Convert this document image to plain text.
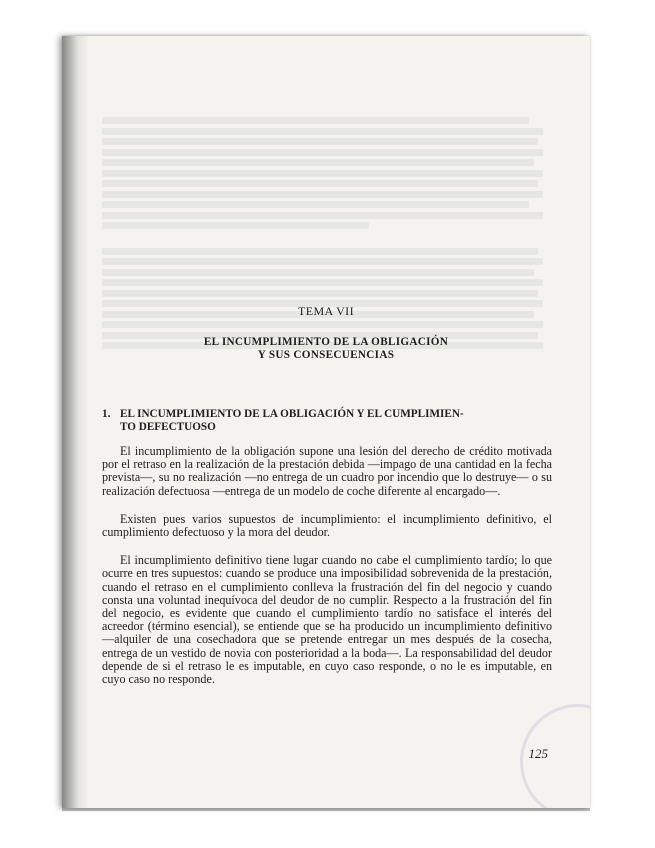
TEMA VII

EL INCUMPLIMIENTO DE LA OBLIGACIÓN
Y SUS CONSECUENCIAS
1. EL INCUMPLIMIENTO DE LA OBLIGACIÓN Y EL CUMPLIMIEN-
TO DEFECTUOSO

El incumplimiento de la obligación supone una lesión del derecho de crédito motivada por el retraso en la realización de la prestación debida —impago de una cantidad en la fecha prevista—, su no realización —no entrega de un cuadro por incendio que lo destruye— o su realización defectuosa —entrega de un modelo de coche diferente al encargado—.

Existen pues varios supuestos de incumplimiento: el incumplimiento definitivo, el cumplimiento defectuoso y la mora del deudor.

El incumplimiento definitivo tiene lugar cuando no cabe el cumplimiento tardío; lo que ocurre en tres supuestos: cuando se produce una imposibilidad sobrevenida de la prestación, cuando el retraso en el cumplimiento conlleva la frustración del fin del negocio y cuando consta una voluntad inequívoca del deudor de no cumplir. Respecto a la frustración del fin del negocio, es evidente que cuando el cumplimiento tardío no satisface el interés del acreedor (término esencial), se entiende que se ha producido un incumplimiento definitivo —alquiler de una cosechadora que se pretende entregar un mes después de la cosecha, entrega de un vestido de novia con posterioridad a la boda—. La responsabilidad del deudor depende de si el retraso le es imputable, en cuyo caso responde, o no le es imputable, en cuyo caso no responde.

125
